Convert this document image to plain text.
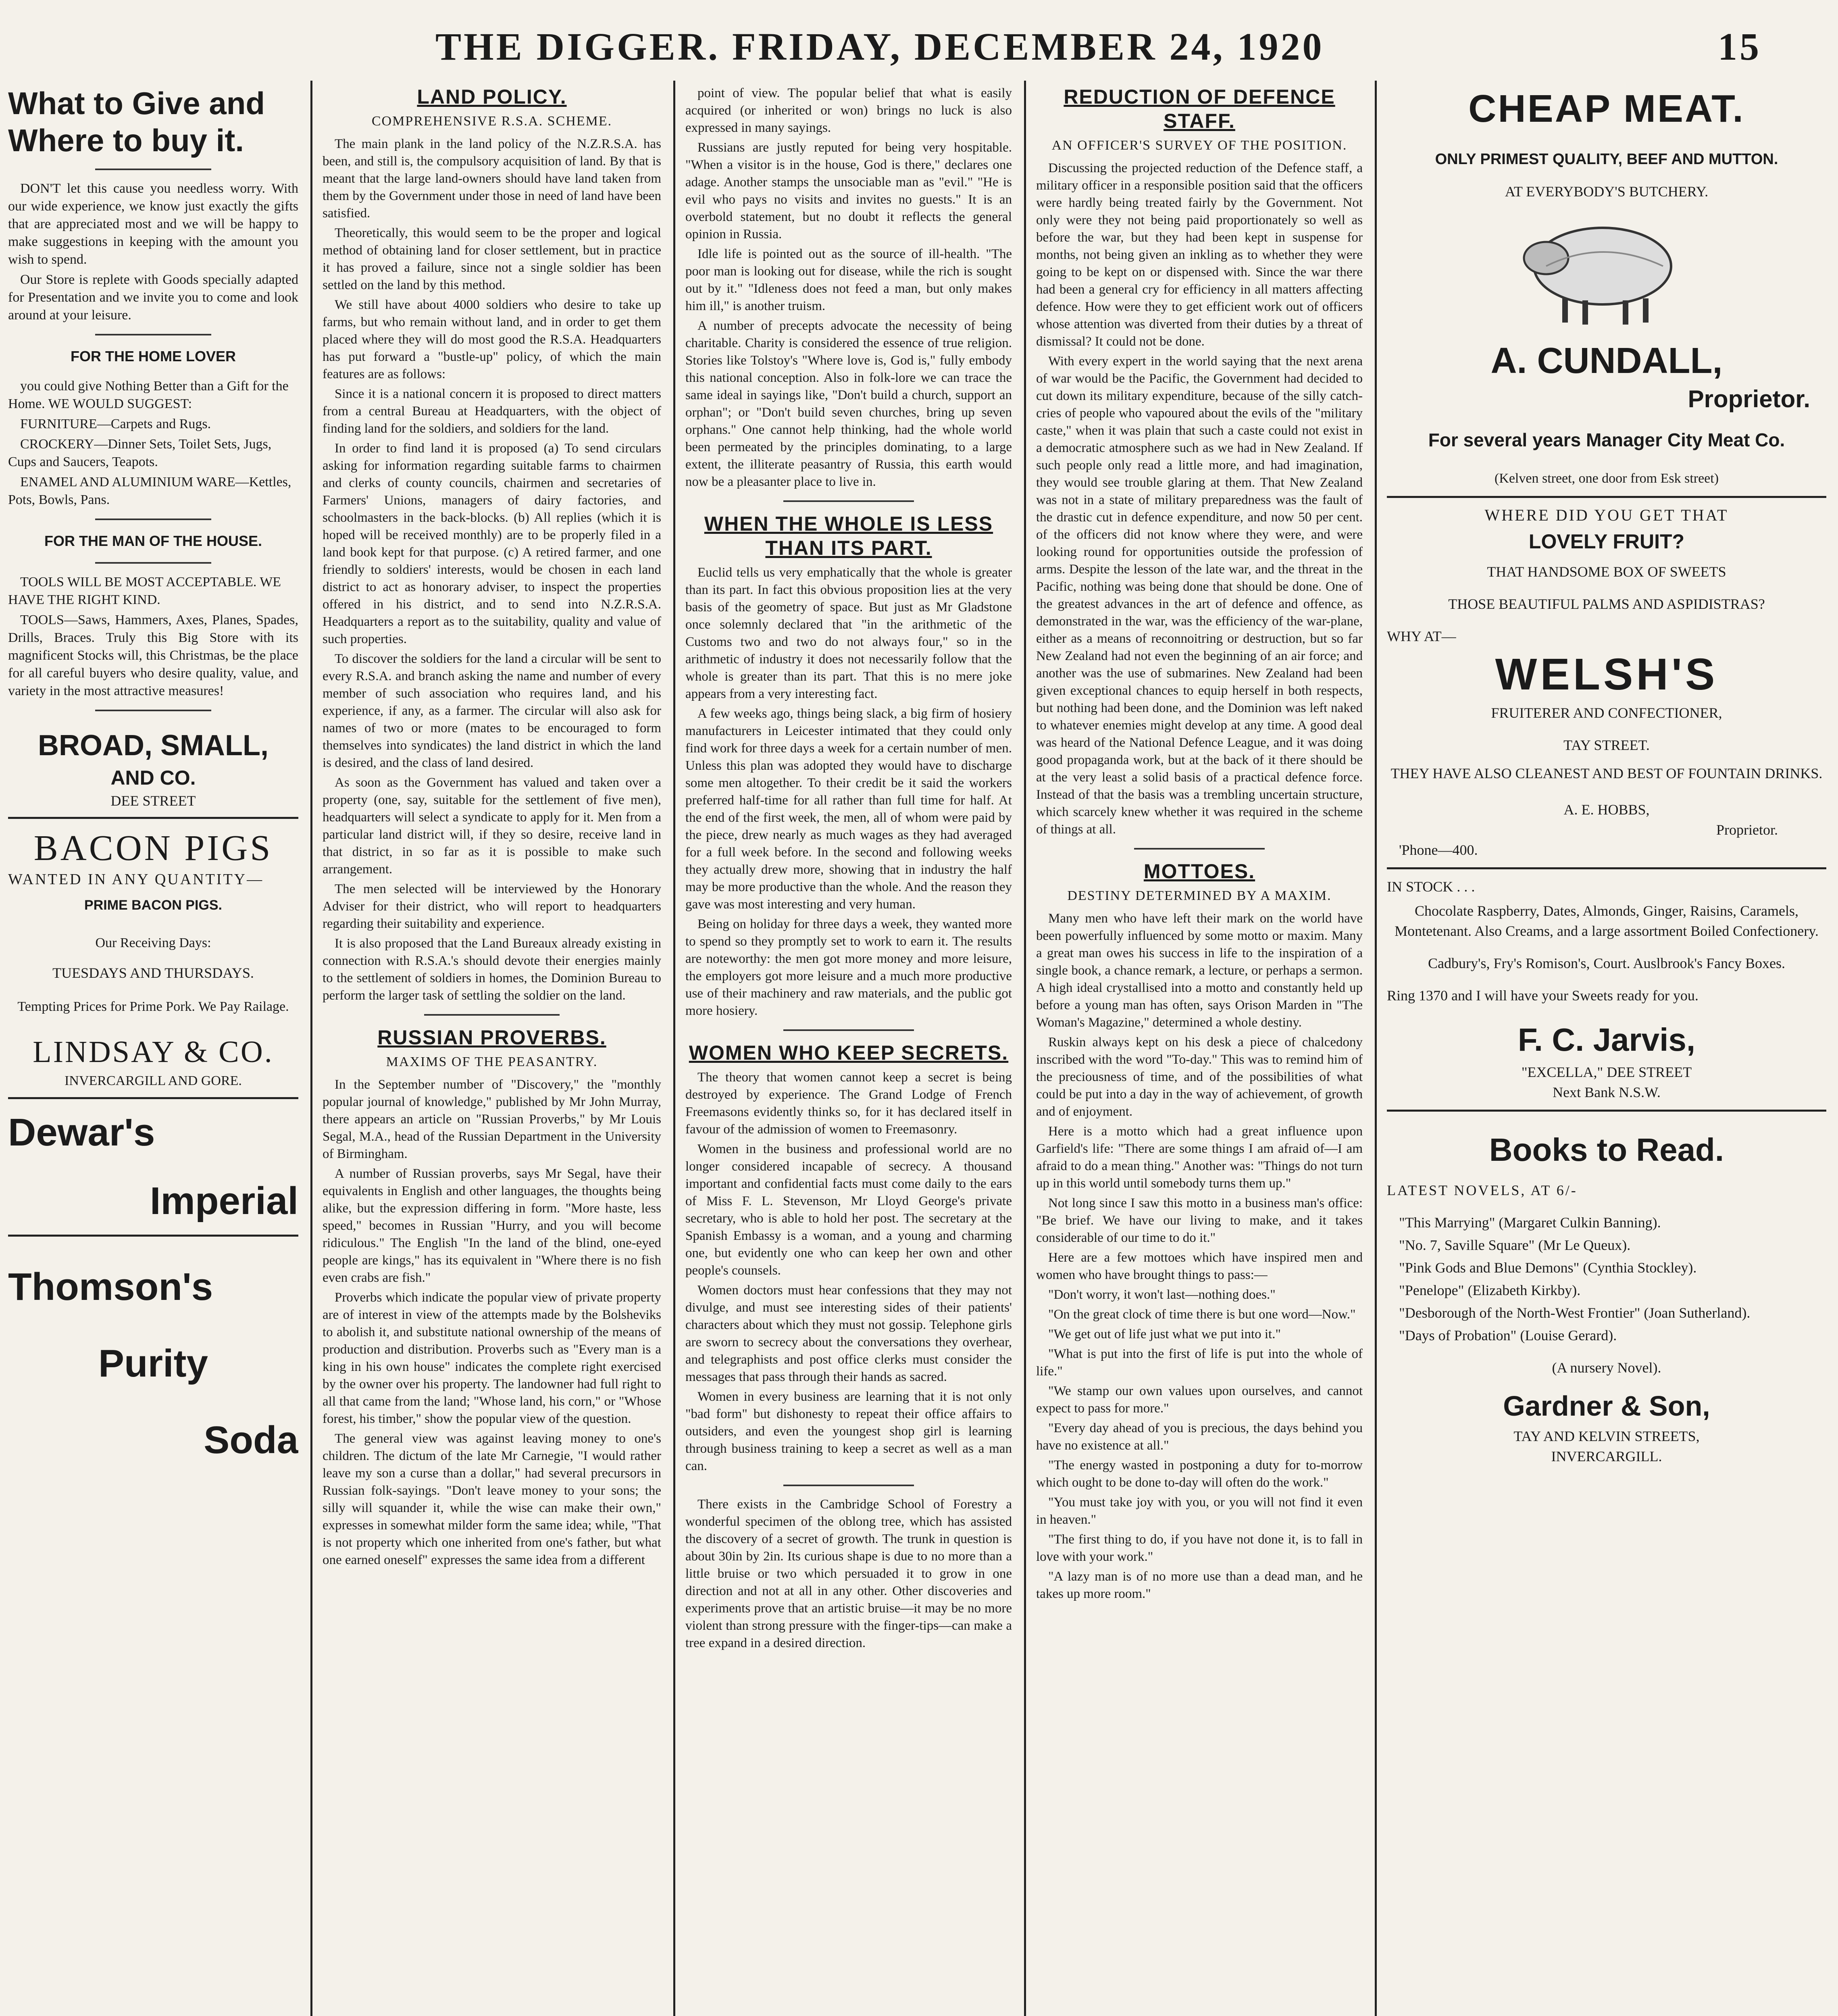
THE DIGGER. FRIDAY, DECEMBER 24, 1920	15
What to Give and Where to buy it.

DON'T let this cause you needless worry. With our wide experience, we know just exactly the gifts that are appreciated most and we will be happy to make suggestions in keeping with the amount you wish to spend.

Our Store is replete with Goods specially adapted for Presentation and we invite you to come and look around at your leisure.

FOR THE HOME LOVER

you could give Nothing Better than a Gift for the Home. WE WOULD SUGGEST:

FURNITURE—Carpets and Rugs.

CROCKERY—Dinner Sets, Toilet Sets, Jugs, Cups and Saucers, Teapots.

ENAMEL AND ALUMINIUM WARE—Kettles, Pots, Bowls, Pans.

FOR THE MAN OF THE HOUSE.

TOOLS WILL BE MOST ACCEPTABLE. WE HAVE THE RIGHT KIND.

TOOLS—Saws, Hammers, Axes, Planes, Spades, Drills, Braces. Truly this Big Store with its magnificent Stocks will, this Christmas, be the place for all careful buyers who desire quality, value, and variety in the most attractive measures!

BROAD, SMALL,
AND CO.
DEE STREET
BACON PIGS
WANTED IN ANY QUANTITY—
PRIME BACON PIGS.
Our Receiving Days:
TUESDAYS AND THURSDAYS.
Tempting Prices for Prime Pork. We Pay Railage.
LINDSAY & CO.
INVERCARGILL AND GORE.
Dewar's
Imperial
Thomson's
Purity
Soda
LAND POLICY.
COMPREHENSIVE R.S.A. SCHEME.

The main plank in the land policy of the N.Z.R.S.A. has been, and still is, the compulsory acquisition of land. By that is meant that the large land-owners should have land taken from them by the Government under those in need of land have been satisfied.

Theoretically, this would seem to be the proper and logical method of obtaining land for closer settlement, but in practice it has proved a failure, since not a single soldier has been settled on the land by this method.

We still have about 4000 soldiers who desire to take up farms, but who remain without land, and in order to get them placed where they will do most good the R.S.A. Headquarters has put forward a "bustle-up" policy, of which the main features are as follows:

Since it is a national concern it is proposed to direct matters from a central Bureau at Headquarters, with the object of finding land for the soldiers, and soldiers for the land.

In order to find land it is proposed (a) To send circulars asking for information regarding suitable farms to chairmen and clerks of county councils, chairmen and secretaries of Farmers' Unions, managers of dairy factories, and schoolmasters in the back-blocks. (b) All replies (which it is hoped will be received monthly) are to be properly filed in a land book kept for that purpose. (c) A retired farmer, and one friendly to soldiers' interests, would be chosen in each land district to act as honorary adviser, to inspect the properties offered in his district, and to send into N.Z.R.S.A. Headquarters a report as to the suitability, quality and value of such properties.

To discover the soldiers for the land a circular will be sent to every R.S.A. and branch asking the name and number of every member of such association who requires land, and his experience, if any, as a farmer. The circular will also ask for names of two or more (mates to be encouraged to form themselves into syndicates) the land district in which the land is desired, and the class of land desired.

As soon as the Government has valued and taken over a property (one, say, suitable for the settlement of five men), headquarters will select a syndicate to apply for it. Men from a particular land district will, if they so desire, receive land in that district, in so far as it is possible to make such arrangement.

The men selected will be interviewed by the Honorary Adviser for their district, who will report to headquarters regarding their suitability and experience.

It is also proposed that the Land Bureaux already existing in connection with R.S.A.'s should devote their energies mainly to the settlement of soldiers in homes, the Dominion Bureau to perform the larger task of settling the soldier on the land.

RUSSIAN PROVERBS.
MAXIMS OF THE PEASANTRY.

In the September number of "Discovery," the "monthly popular journal of knowledge," published by Mr John Murray, there appears an article on "Russian Proverbs," by Mr Louis Segal, M.A., head of the Russian Department in the University of Birmingham.

A number of Russian proverbs, says Mr Segal, have their equivalents in English and other languages, the thoughts being alike, but the expression differing in form. "More haste, less speed," becomes in Russian "Hurry, and you will become ridiculous." The English "In the land of the blind, one-eyed people are kings," has its equivalent in "Where there is no fish even crabs are fish."

Proverbs which indicate the popular view of private property are of interest in view of the attempts made by the Bolsheviks to abolish it, and substitute national ownership of the means of production and distribution. Proverbs such as "Every man is a king in his own house" indicates the complete right exercised by the owner over his property. The landowner had full right to all that came from the land; "Whose land, his corn," or "Whose forest, his timber," show the popular view of the question.

The general view was against leaving money to one's children. The dictum of the late Mr Carnegie, "I would rather leave my son a curse than a dollar," had several precursors in Russian folk-sayings. "Don't leave money to your sons; the silly will squander it, while the wise can make their own," expresses in somewhat milder form the same idea; while, "That is not property which one inherited from one's father, but what one earned oneself" expresses the same idea from a different

point of view. The popular belief that what is easily acquired (or inherited or won) brings no luck is also expressed in many sayings.

Russians are justly reputed for being very hospitable. "When a visitor is in the house, God is there," declares one adage. Another stamps the unsociable man as "evil." "He is evil who pays no visits and invites no guests." It is an overbold statement, but no doubt it reflects the general opinion in Russia.

Idle life is pointed out as the source of ill-health. "The poor man is looking out for disease, while the rich is sought out by it." "Idleness does not feed a man, but only makes him ill," is another truism.

A number of precepts advocate the necessity of being charitable. Charity is considered the essence of true religion. Stories like Tolstoy's "Where love is, God is," fully embody this national conception. Also in folk-lore we can trace the same ideal in sayings like, "Don't build a church, support an orphan"; or "Don't build seven churches, bring up seven orphans." One cannot help thinking, had the whole world been permeated by the principles dominating, to a large extent, the illiterate peasantry of Russia, this earth would now be a pleasanter place to live in.

WHEN THE WHOLE IS LESS THAN ITS PART.

Euclid tells us very emphatically that the whole is greater than its part. In fact this obvious proposition lies at the very basis of the geometry of space. But just as Mr Gladstone once solemnly declared that "in the arithmetic of the Customs two and two do not always four," so in the arithmetic of industry it does not necessarily follow that the whole is greater than its part. That this is no mere joke appears from a very interesting fact.

A few weeks ago, things being slack, a big firm of hosiery manufacturers in Leicester intimated that they could only find work for three days a week for a certain number of men. Unless this plan was adopted they would have to discharge some men altogether. To their credit be it said the workers preferred half-time for all rather than full time for half. At the end of the first week, the men, all of whom were paid by the piece, drew nearly as much wages as they had averaged for a full week before. In the second and following weeks they actually drew more, showing that in industry the half may be more productive than the whole. And the reason they gave was most interesting and very human.

Being on holiday for three days a week, they wanted more to spend so they promptly set to work to earn it. The results are noteworthy: the men got more money and more leisure, the employers got more leisure and a much more productive use of their machinery and raw materials, and the public got more hosiery.

WOMEN WHO KEEP SECRETS.

The theory that women cannot keep a secret is being destroyed by experience. The Grand Lodge of French Freemasons evidently thinks so, for it has declared itself in favour of the admission of women to Freemasonry.

Women in the business and professional world are no longer considered incapable of secrecy. A thousand important and confidential facts must come daily to the ears of Miss F. L. Stevenson, Mr Lloyd George's private secretary, who is able to hold her post. The secretary at the Spanish Embassy is a woman, and a young and charming one, but evidently one who can keep her own and other people's counsels.

Women doctors must hear confessions that they may not divulge, and must see interesting sides of their patients' characters about which they must not gossip. Telephone girls are sworn to secrecy about the conversations they overhear, and telegraphists and post office clerks must consider the messages that pass through their hands as sacred.

Women in every business are learning that it is not only "bad form" but dishonesty to repeat their office affairs to outsiders, and even the youngest shop girl is learning through business training to keep a secret as well as a man can.

There exists in the Cambridge School of Forestry a wonderful specimen of the oblong tree, which has assisted the discovery of a secret of growth. The trunk in question is about 30in by 2in. Its curious shape is due to no more than a little bruise or two which persuaded it to grow in one direction and not at all in any other. Other discoveries and experiments prove that an artistic bruise—it may be no more violent than strong pressure with the finger-tips—can make a tree expand in a desired direction.

REDUCTION OF DEFENCE STAFF.
AN OFFICER'S SURVEY OF THE POSITION.

Discussing the projected reduction of the Defence staff, a military officer in a responsible position said that the officers were hardly being treated fairly by the Government. Not only were they not being paid proportionately so well as before the war, but they had been kept in suspense for months, not being given an inkling as to whether they were going to be kept on or dispensed with. Since the war there had been a general cry for efficiency in all matters affecting defence. How were they to get efficient work out of officers whose attention was diverted from their duties by a threat of dismissal? It could not be done.

With every expert in the world saying that the next arena of war would be the Pacific, the Government had decided to cut down its military expenditure, because of the silly catch-cries of people who vapoured about the evils of the "military caste," when it was plain that such a caste could not exist in a democratic atmosphere such as we had in New Zealand. If such people only read a little more, and had imagination, they would see trouble glaring at them. That New Zealand was not in a state of military preparedness was the fault of the drastic cut in defence expenditure, and now 50 per cent. of the officers did not know where they were, and were looking round for opportunities outside the profession of arms. Despite the lesson of the late war, and the threat in the Pacific, nothing was being done that should be done. One of the greatest advances in the art of defence and offence, as demonstrated in the war, was the efficiency of the war-plane, either as a means of reconnoitring or destruction, but so far New Zealand had not even the beginning of an air force; and another was the use of submarines. New Zealand had been given exceptional chances to equip herself in both respects, but nothing had been done, and the Dominion was left naked to whatever enemies might develop at any time. A good deal was heard of the National Defence League, and it was doing good propaganda work, but at the back of it there should be at the very least a solid basis of a practical defence force. Instead of that the basis was a trembling uncertain structure, which scarcely knew whether it was required in the scheme of things at all.

MOTTOES.
DESTINY DETERMINED BY A MAXIM.

Many men who have left their mark on the world have been powerfully influenced by some motto or maxim. Many a great man owes his success in life to the inspiration of a single book, a chance remark, a lecture, or perhaps a sermon. A high ideal crystallised into a motto and constantly held up before a young man has often, says Orison Marden in "The Woman's Magazine," determined a whole destiny.

Ruskin always kept on his desk a piece of chalcedony inscribed with the word "To-day." This was to remind him of the preciousness of time, and of the possibilities of what could be put into a day in the way of achievement, of growth and of enjoyment.

Here is a motto which had a great influence upon Garfield's life: "There are some things I am afraid of—I am afraid to do a mean thing." Another was: "Things do not turn up in this world until somebody turns them up."

Not long since I saw this motto in a business man's office: "Be brief. We have our living to make, and it takes considerable of our time to do it."

Here are a few mottoes which have inspired men and women who have brought things to pass:—

"Don't worry, it won't last—nothing does."

"On the great clock of time there is but one word—Now."

"We get out of life just what we put into it."

"What is put into the first of life is put into the whole of life."

"We stamp our own values upon ourselves, and cannot expect to pass for more."

"Every day ahead of you is precious, the days behind you have no existence at all."

"The energy wasted in postponing a duty for to-morrow which ought to be done to-day will often do the work."

"You must take joy with you, or you will not find it even in heaven."

"The first thing to do, if you have not done it, is to fall in love with your work."

"A lazy man is of no more use than a dead man, and he takes up more room."

CHEAP MEAT.
ONLY PRIMEST QUALITY, BEEF AND MUTTON.
AT EVERYBODY'S BUTCHERY.
A. CUNDALL,
Proprietor.
For several years Manager City Meat Co.
(Kelven street, one door from Esk street)
WHERE DID YOU GET THAT
LOVELY FRUIT?
THAT HANDSOME BOX OF SWEETS
THOSE BEAUTIFUL PALMS AND ASPIDISTRAS?
WHY AT—
WELSH'S
FRUITERER AND CONFECTIONER,
TAY STREET.
THEY HAVE ALSO CLEANEST AND BEST OF FOUNTAIN DRINKS.
A. E. HOBBS,
Proprietor.
'Phone—400.
IN STOCK . . .
Chocolate Raspberry, Dates, Almonds, Ginger, Raisins, Caramels, Montetenant. Also Creams, and a large assortment Boiled Confectionery.
Cadbury's, Fry's Romison's, Court. Auslbrook's Fancy Boxes.
Ring 1370 and I will have your Sweets ready for you.
F. C. Jarvis,
"EXCELLA," DEE STREET
Next Bank N.S.W.
Books to Read.
LATEST NOVELS, AT 6/-

"This Marrying" (Margaret Culkin Banning).

"No. 7, Saville Square" (Mr Le Queux).

"Pink Gods and Blue Demons" (Cynthia Stockley).

"Penelope" (Elizabeth Kirkby).

"Desborough of the North-West Frontier" (Joan Sutherland).

"Days of Probation" (Louise Gerard).

(A nursery Novel).
Gardner & Son,
TAY AND KELVIN STREETS,
INVERCARGILL.
